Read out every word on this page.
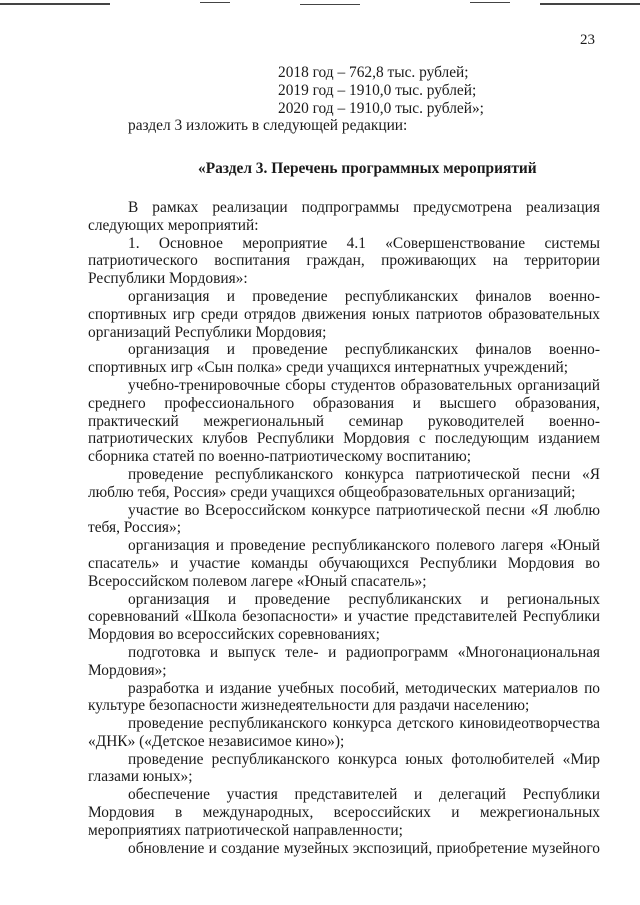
23

2018 год – 762,8 тыс. рублей;

2019 год – 1910,0 тыс. рублей;

2020 год – 1910,0 тыс. рублей»;

раздел 3 изложить в следующей редакции:

«Раздел 3. Перечень программных мероприятий

В рамках реализации подпрограммы предусмотрена реализация следующих мероприятий:

1. Основное мероприятие 4.1 «Совершенствование системы патриотического воспитания граждан, проживающих на территории Республики Мордовия»:

организация и проведение республиканских финалов военно-спортивных игр среди отрядов движения юных патриотов образовательных организаций Республики Мордовия;

организация и проведение республиканских финалов военно-спортивных игр «Сын полка» среди учащихся интернатных учреждений;

учебно-тренировочные сборы студентов образовательных организаций среднего профессионального образования и высшего образования, практический межрегиональный семинар руководителей военно-патриотических клубов Республики Мордовия с последующим изданием сборника статей по военно-патриотическому воспитанию;

проведение республиканского конкурса патриотической песни «Я люблю тебя, Россия» среди учащихся общеобразовательных организаций;

участие во Всероссийском конкурсе патриотической песни «Я люблю тебя, Россия»;

организация и проведение республиканского полевого лагеря «Юный спасатель» и участие команды обучающихся Республики Мордовия во Всероссийском полевом лагере «Юный спасатель»;

организация и проведение республиканских и региональных соревнований «Школа безопасности» и участие представителей Республики Мордовия во всероссийских соревнованиях;

подготовка и выпуск теле- и радиопрограмм «Многонациональная Мордовия»;

разработка и издание учебных пособий, методических материалов по культуре безопасности жизнедеятельности для раздачи населению;

проведение республиканского конкурса детского киновидеотворчества «ДНК» («Детское независимое кино»);

проведение республиканского конкурса юных фотолюбителей «Мир глазами юных»;

обеспечение участия представителей и делегаций Республики Мордовия в международных, всероссийских и межрегиональных мероприятиях патриотической направленности;

обновление и создание музейных экспозиций, приобретение музейного
